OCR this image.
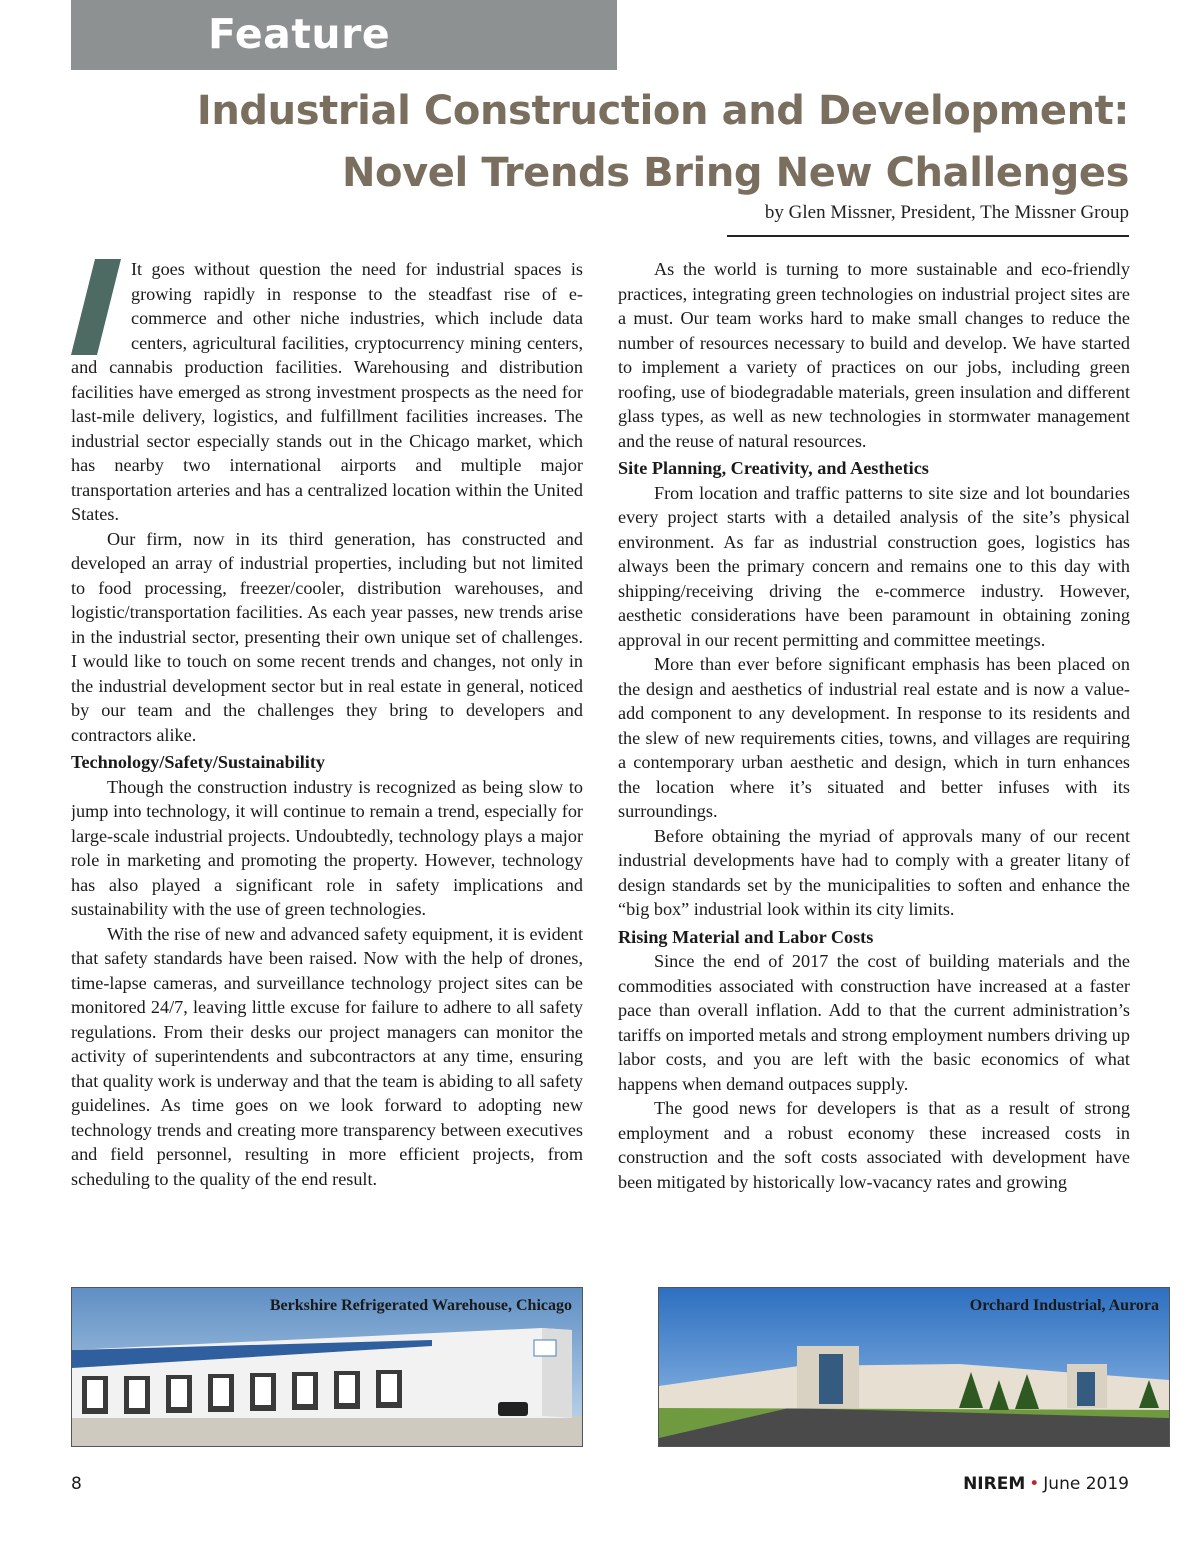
Feature
Industrial Construction and Development:
Novel Trends Bring New Challenges

by Glen Missner, President, The Missner Group

It goes without question the need for industrial spaces is growing rapidly in response to the steadfast rise of e-commerce and other niche industries, which include data centers, agricultural facilities, cryptocurrency mining centers, and cannabis production facilities. Warehousing and distribution facilities have emerged as strong investment prospects as the need for last-mile delivery, logistics, and fulfillment facilities increases. The industrial sector especially stands out in the Chicago market, which has nearby two international airports and multiple major transportation arteries and has a centralized location within the United States.

Our firm, now in its third generation, has constructed and developed an array of industrial properties, including but not limited to food processing, freezer/cooler, distribution warehouses, and logistic/transportation facilities. As each year passes, new trends arise in the industrial sector, presenting their own unique set of challenges. I would like to touch on some recent trends and changes, not only in the industrial development sector but in real estate in general, noticed by our team and the challenges they bring to developers and contractors alike.

Technology/Safety/Sustainability

Though the construction industry is recognized as being slow to jump into technology, it will continue to remain a trend, especially for large-scale industrial projects. Undoubtedly, technology plays a major role in marketing and promoting the property. However, technology has also played a significant role in safety implications and sustainability with the use of green technologies.

With the rise of new and advanced safety equipment, it is evident that safety standards have been raised. Now with the help of drones, time-lapse cameras, and surveillance technology project sites can be monitored 24/7, leaving little excuse for failure to adhere to all safety regulations. From their desks our project managers can monitor the activity of superintendents and subcontractors at any time, ensuring that quality work is underway and that the team is abiding to all safety guidelines. As time goes on we look forward to adopting new technology trends and creating more transparency between executives and field personnel, resulting in more efficient projects, from scheduling to the quality of the end result.

As the world is turning to more sustainable and eco-friendly practices, integrating green technologies on industrial project sites are a must. Our team works hard to make small changes to reduce the number of resources necessary to build and develop. We have started to implement a variety of practices on our jobs, including green roofing, use of biodegradable materials, green insulation and different glass types, as well as new technologies in stormwater management and the reuse of natural resources.

Site Planning, Creativity, and Aesthetics

From location and traffic patterns to site size and lot boundaries every project starts with a detailed analysis of the site’s physical environment. As far as industrial construction goes, logistics has always been the primary concern and remains one to this day with shipping/receiving driving the e-commerce industry. However, aesthetic considerations have been paramount in obtaining zoning approval in our recent permitting and committee meetings.

More than ever before significant emphasis has been placed on the design and aesthetics of industrial real estate and is now a value-add component to any development. In response to its residents and the slew of new requirements cities, towns, and villages are requiring a contemporary urban aesthetic and design, which in turn enhances the location where it’s situated and better infuses with its surroundings.

Before obtaining the myriad of approvals many of our recent industrial developments have had to comply with a greater litany of design standards set by the municipalities to soften and enhance the “big box” industrial look within its city limits.

Rising Material and Labor Costs

Since the end of 2017 the cost of building materials and the commodities associated with construction have increased at a faster pace than overall inflation. Add to that the current administration’s tariffs on imported metals and strong employment numbers driving up labor costs, and you are left with the basic economics of what happens when demand outpaces supply.

The good news for developers is that as a result of strong employment and a robust economy these increased costs in construction and the soft costs associated with development have been mitigated by historically low-vacancy rates and growing

Berkshire Refrigerated Warehouse, Chicago	Orchard Industrial, Aurora
8	NIREM • June 2019
